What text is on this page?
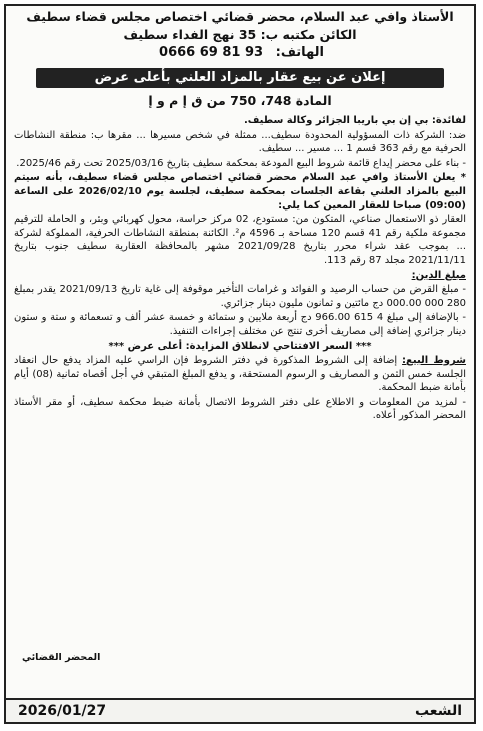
الأستاذ وافي عبد السلام، محضر قضائي اختصاص مجلس قضاء سطيف
الكائن مكتبه ب: 35 نهج الفداء سطيف
الهاتف: 0666 69 81 93
إعلان عن بيع عقار بالمزاد العلني بأعلى عرض
المادة 748، 750 من ق إ م و إ

لفائدة: بي إن بي باريبا الجزائر وكالة سطيف.

ضد: الشركة ذات المسؤولية المحدودة سطيف... ممثلة في شخص مسيرها ... مقرها ب: منطقة النشاطات الحرفية مع رقم 363 قسم 1 ... مسير ... سطيف.

- بناء على محضر إيداع قائمة شروط البيع المودعة بمحكمة سطيف بتاريخ 2025/03/16 تحت رقم 2025/46.

* يعلن الأستاذ وافي عبد السلام محضر قضائي اختصاص مجلس قضاء سطيف، بأنه سيتم البيع بالمزاد العلني بقاعة الجلسات بمحكمة سطيف، لجلسة يوم 2026/02/10 على الساعة (09:00) صباحا للعقار المعين كما يلي:

العقار ذو الاستعمال صناعي، المتكون من: مستودع، 02 مركز حراسة، محول كهربائي وبئر، و الحاملة للترقيم مجموعة ملكية رقم 41 قسم 120 مساحة بـ 4596 م². الكائنة بمنطقة النشاطات الحرفية، المملوكة لشركة ... بموجب عقد شراء محرر بتاريخ 2021/09/28 مشهر بالمحافظة العقارية سطيف جنوب بتاريخ 2021/11/11 مجلد 87 رقم 113.

مبلغ الدين:

- مبلغ القرض من حساب الرصيد و الفوائد و غرامات التأخير موقوفة إلى غاية تاريخ 2021/09/13 يقدر بمبلغ 280 000 000.00 دج مائتين و ثمانون مليون دينار جزائري.

- بالإضافة إلى مبلغ 4 615 966.00 دج أربعة ملايين و ستمائة و خمسة عشر ألف و تسعمائة و ستة و ستون دينار جزائري إضافة إلى مصاريف أخرى تنتج عن مختلف إجراءات التنفيذ.

*** السعر الافتتاحي لانطلاق المزايدة: أعلى عرض ***

شروط البيع: إضافة إلى الشروط المذكورة في دفتر الشروط فإن الراسي عليه المزاد يدفع حال انعقاد الجلسة خمس الثمن و المصاريف و الرسوم المستحقة، و يدفع المبلغ المتبقي في أجل أقصاه ثمانية (08) أيام بأمانة ضبط المحكمة.

- لمزيد من المعلومات و الاطلاع على دفتر الشروط الاتصال بأمانة ضبط محكمة سطيف، أو مقر الأستاذ المحضر المذكور أعلاه.

المحضر القضائي
الشعب
2026/01/27
